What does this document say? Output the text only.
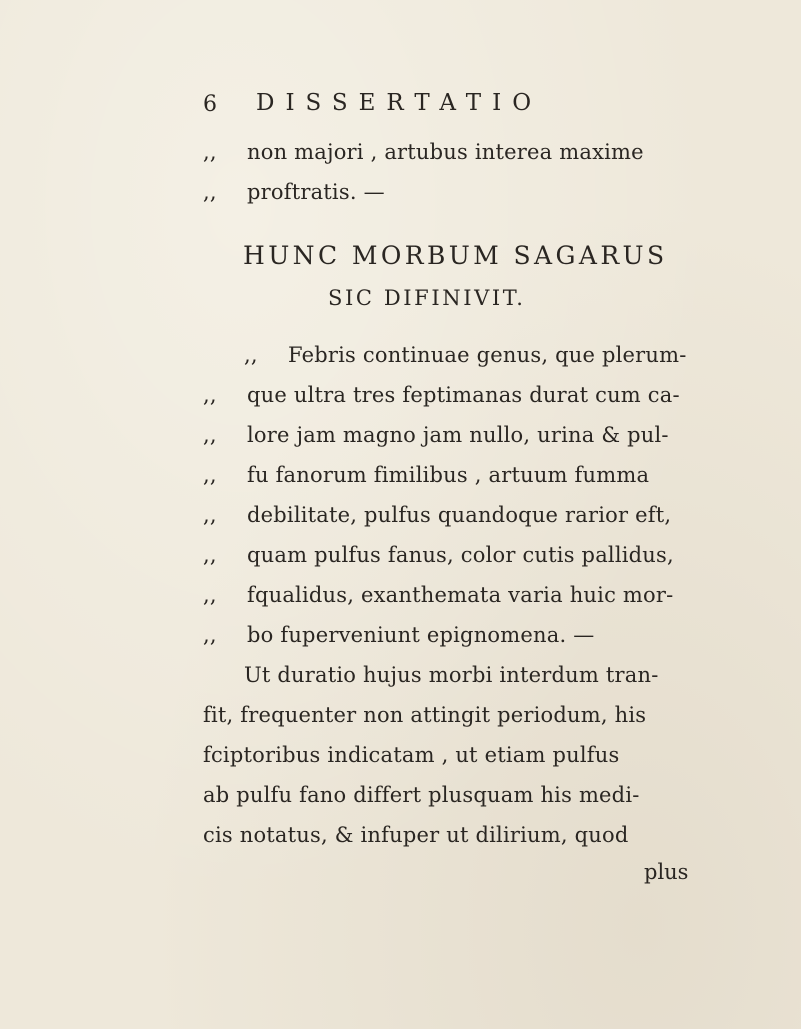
6 DISSERTATIO
,, non majori , artubus interea maxime
,, proftratis. —
HUNC MORBUM SAGARUS
SIC DIFINIVIT.
,, Febris continuae genus, que plerum-
,, que ultra tres feptimanas durat cum ca-
,, lore jam magno jam nullo, urina & pul-
,, fu fanorum fimilibus , artuum fumma
,, debilitate, pulfus quandoque rarior eft,
,, quam pulfus fanus, color cutis pallidus,
,, fqualidus, exanthemata varia huic mor-
,, bo fuperveniunt epignomena. —
Ut duratio hujus morbi interdum tran-
fit, frequenter non attingit periodum, his
fciptoribus indicatam , ut etiam pulfus
ab pulfu fano differt plusquam his medi-
cis notatus, & infuper ut dilirium, quod
plus
